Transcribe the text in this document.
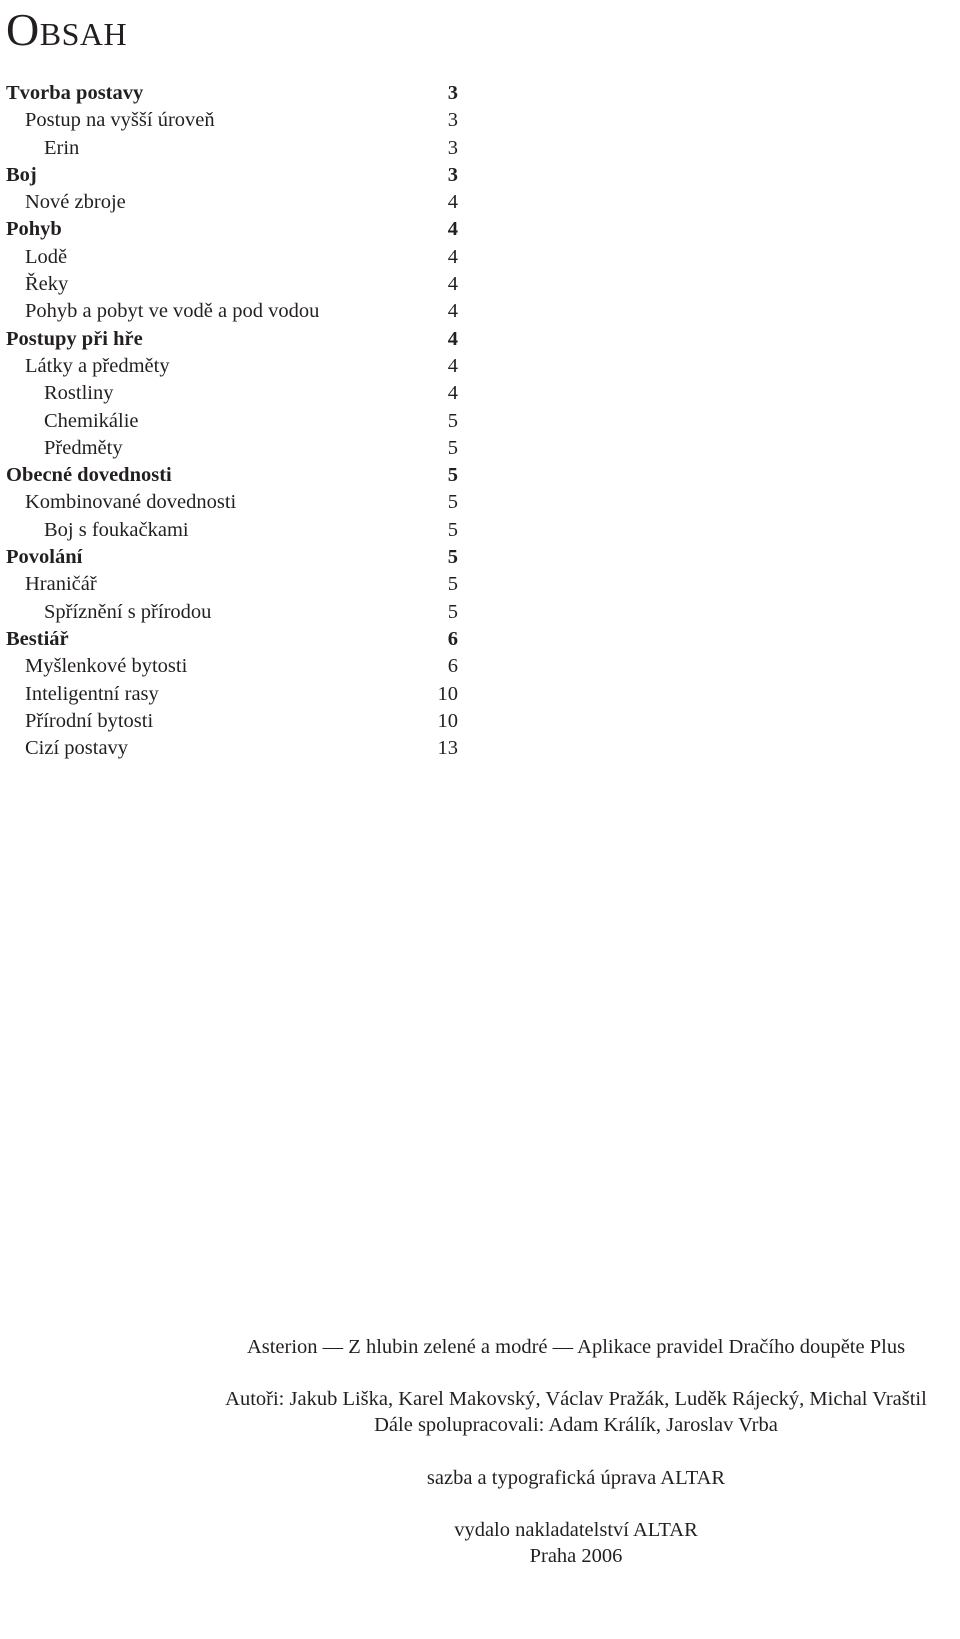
Obsah
Tvorba postavy	3
Postup na vyšší úroveň	3
Erin	3
Boj	3
Nové zbroje	4
Pohyb	4
Lodě	4
Řeky	4
Pohyb a pobyt ve vodě a pod vodou	4
Postupy při hře	4
Látky a předměty	4
Rostliny	4
Chemikálie	5
Předměty	5
Obecné dovednosti	5
Kombinované dovednosti	5
Boj s foukačkami	5
Povolání	5
Hraničář	5
Spříznění s přírodou	5
Bestiář	6
Myšlenkové bytosti	6
Inteligentní rasy	10
Přírodní bytosti	10
Cizí postavy	13
Asterion — Z hlubin zelené a modré — Aplikace pravidel Dračího doupěte Plus
Autoři: Jakub Liška, Karel Makovský, Václav Pražák, Luděk Rájecký, Michal Vraštil
Dále spolupracovali: Adam Králík, Jaroslav Vrba
sazba a typografická úprava ALTAR
vydalo nakladatelství ALTAR
Praha 2006
